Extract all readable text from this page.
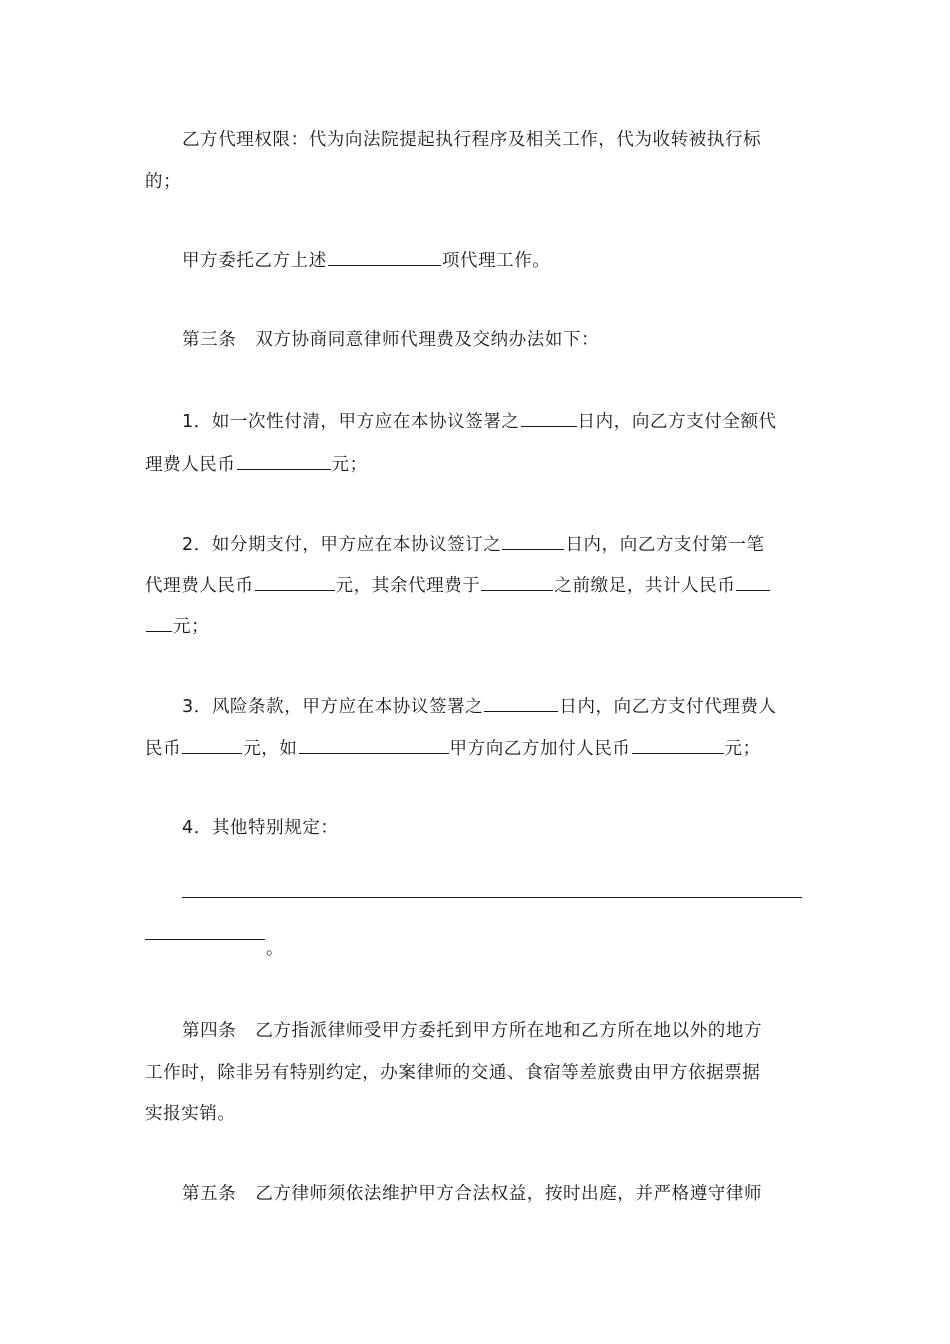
乙方代理权限：代为向法院提起执行程序及相关工作，代为收转被执行标
的；
甲方委托乙方上述	项代理工作。
第三条 双方协商同意律师代理费及交纳办法如下：
1．如一次性付清，甲方应在本协议签署之	日内，向乙方支付全额代
理费人民币	元；
2．如分期支付，甲方应在本协议签订之	日内，向乙方支付第一笔
代理费人民币	元，其余代理费于	之前缴足，共计人民币
元；
3．风险条款，甲方应在本协议签署之	日内，向乙方支付代理费人
民币	元，如	甲方向乙方加付人民币	元；
4．其他特别规定：
。
第四条 乙方指派律师受甲方委托到甲方所在地和乙方所在地以外的地方
工作时，除非另有特别约定，办案律师的交通、食宿等差旅费由甲方依据票据
实报实销。
第五条 乙方律师须依法维护甲方合法权益，按时出庭，并严格遵守律师
